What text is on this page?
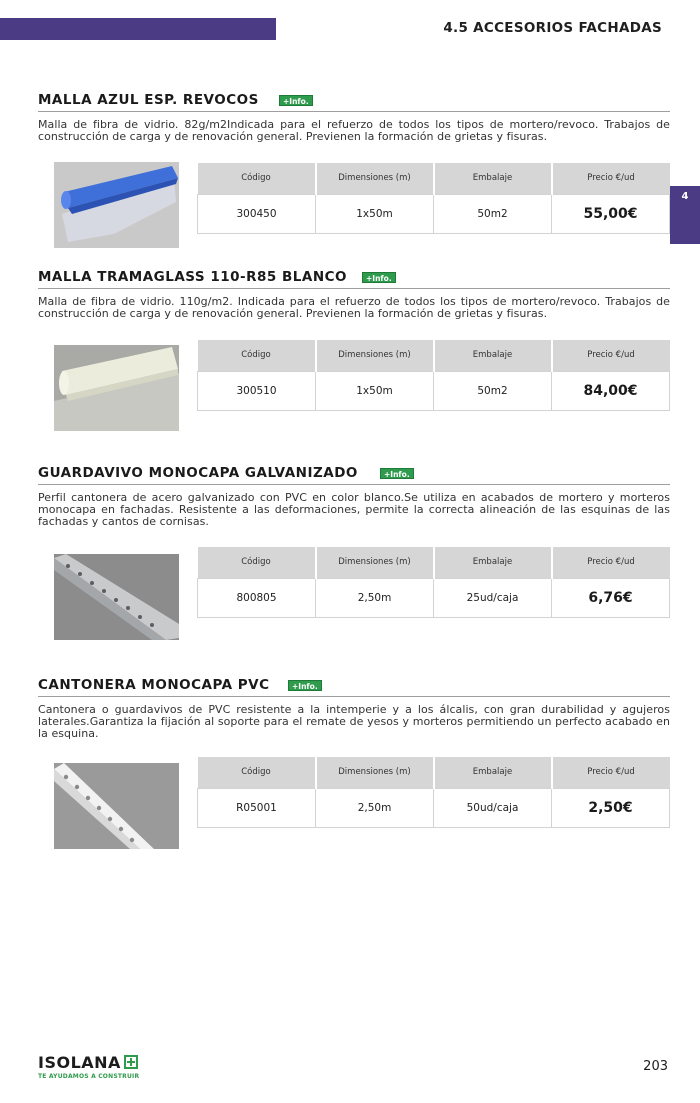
4.5 ACCESORIOS FACHADAS
4
MALLA AZUL ESP. REVOCOS	+Info.
Malla de fibra de vidrio. 82g/m2Indicada para el refuerzo de todos los tipos de mortero/revoco. Trabajos de construcción de carga y de renovación general. Previenen la formación de grietas y fisuras.
Código	Dimensiones (m)	Embalaje	Precio €/ud
300450	1x50m	50m2	55,00€
MALLA TRAMAGLASS 110-R85 BLANCO	+Info.
Malla de fibra de vidrio. 110g/m2. Indicada para el refuerzo de todos los tipos de mortero/revoco. Trabajos de construcción de carga y de renovación general. Previenen la formación de grietas y fisuras.
Código	Dimensiones (m)	Embalaje	Precio €/ud
300510	1x50m	50m2	84,00€
GUARDAVIVO MONOCAPA GALVANIZADO	+Info.
Perfil cantonera de acero galvanizado con PVC en color blanco.Se utiliza en acabados de mortero y morteros monocapa en fachadas. Resistente a las deformaciones, permite la correcta alineación de las esquinas de las fachadas y cantos de cornisas.
Código	Dimensiones (m)	Embalaje	Precio €/ud
800805	2,50m	25ud/caja	6,76€
CANTONERA MONOCAPA PVC	+Info.
Cantonera o guardavivos de PVC resistente a la intemperie y a los álcalis, con gran durabilidad y agujeros laterales.Garantiza la fijación al soporte para el remate de yesos y morteros permitiendo un perfecto acabado en la esquina.
Código	Dimensiones (m)	Embalaje	Precio €/ud
R05001	2,50m	50ud/caja	2,50€
ISOLANA
TE AYUDAMOS A CONSTRUIR
203
